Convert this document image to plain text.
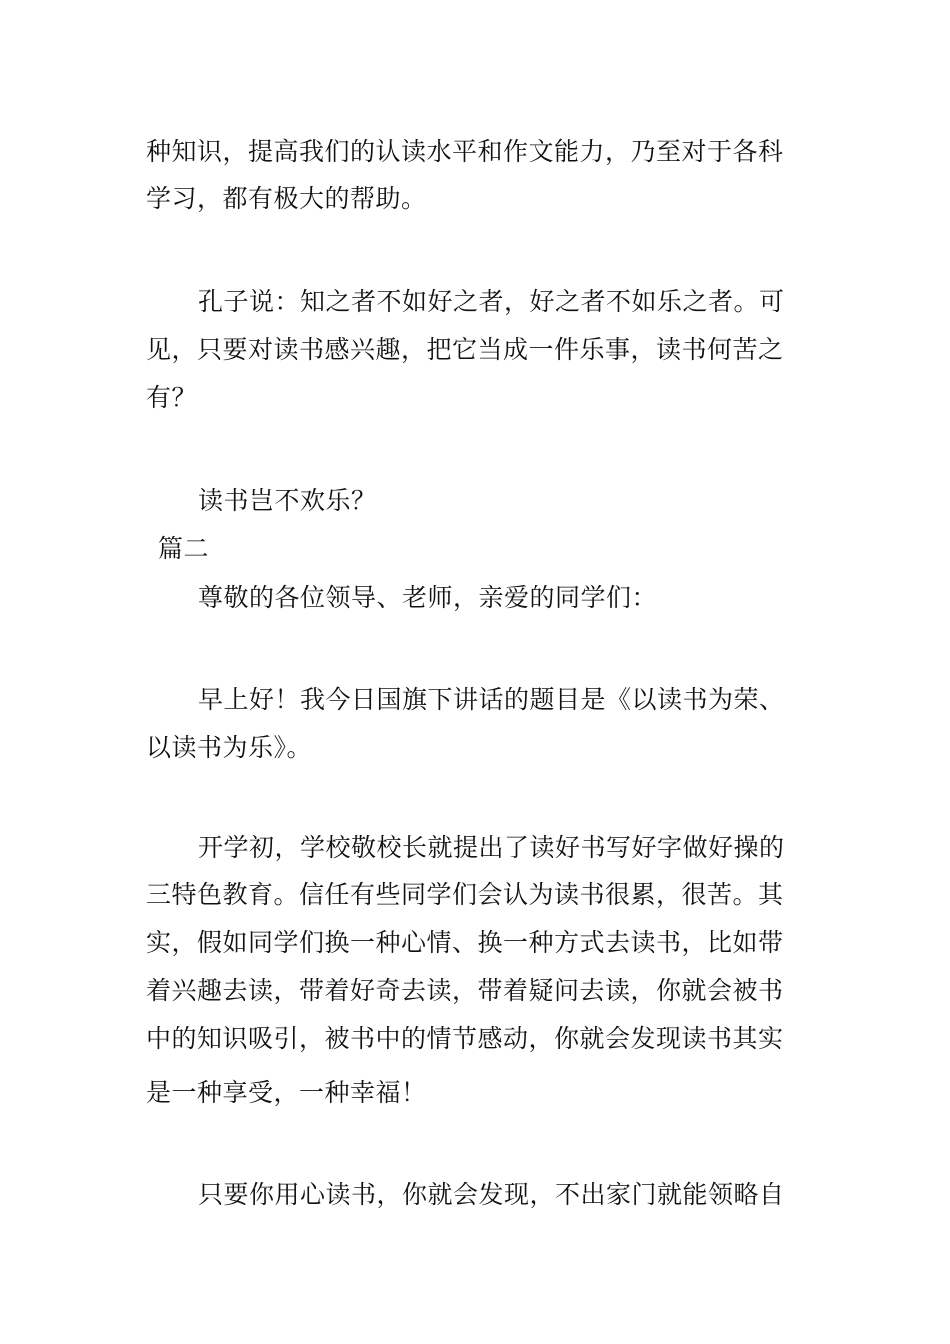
种知识，提高我们的认读水平和作文能力，乃至对于各科
学习，都有极大的帮助。
孔子说：知之者不如好之者，好之者不如乐之者。可
见，只要对读书感兴趣，把它当成一件乐事，读书何苦之
有？
读书岂不欢乐？
篇二
尊敬的各位领导、老师，亲爱的同学们：
早上好！我今日国旗下讲话的题目是《以读书为荣、
以读书为乐》。
开学初，学校敬校长就提出了读好书写好字做好操的
三特色教育。信任有些同学们会认为读书很累，很苦。其
实，假如同学们换一种心情、换一种方式去读书，比如带
着兴趣去读，带着好奇去读，带着疑问去读，你就会被书
中的知识吸引，被书中的情节感动，你就会发现读书其实
是一种享受，一种幸福！
只要你用心读书，你就会发现，不出家门就能领略自
